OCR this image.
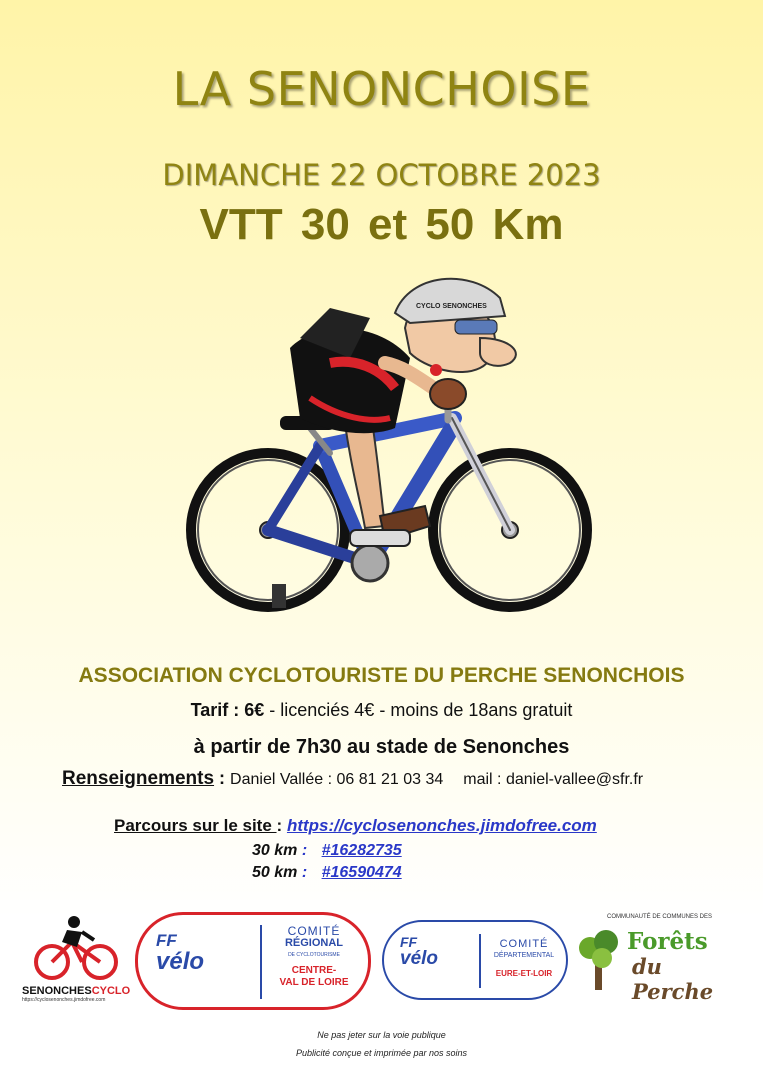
LA SENONCHOISE
DIMANCHE 22 OCTOBRE 2023
VTT 30 et 50 Km
CYCLO SENONCHES
ASSOCIATION CYCLOTOURISTE DU PERCHE SENONCHOIS
Tarif : 6€ - licenciés 4€ - moins de 18ans gratuit
à partir de 7h30 au stade de Senonches
Renseignements : Daniel Vallée : 06 81 21 03 34 mail : daniel-vallee@sfr.fr
Parcours sur le site : https://cyclosenonches.jimdofree.com
30 km : #16282735
50 km : #16590474
SENONCHESCYCLO
https://cyclosenonches.jimdofree.com
FF
vélo
COMITÉ
RÉGIONAL
DE CYCLOTOURISME
CENTRE-
VAL DE LOIRE
FF
vélo
COMITÉ
DÉPARTEMENTAL
EURE-ET-LOIR
COMMUNAUTÉ DE COMMUNES DES
Forêts
du Perche
Ne pas jeter sur la voie publique
Publicité conçue et imprimée par nos soins
